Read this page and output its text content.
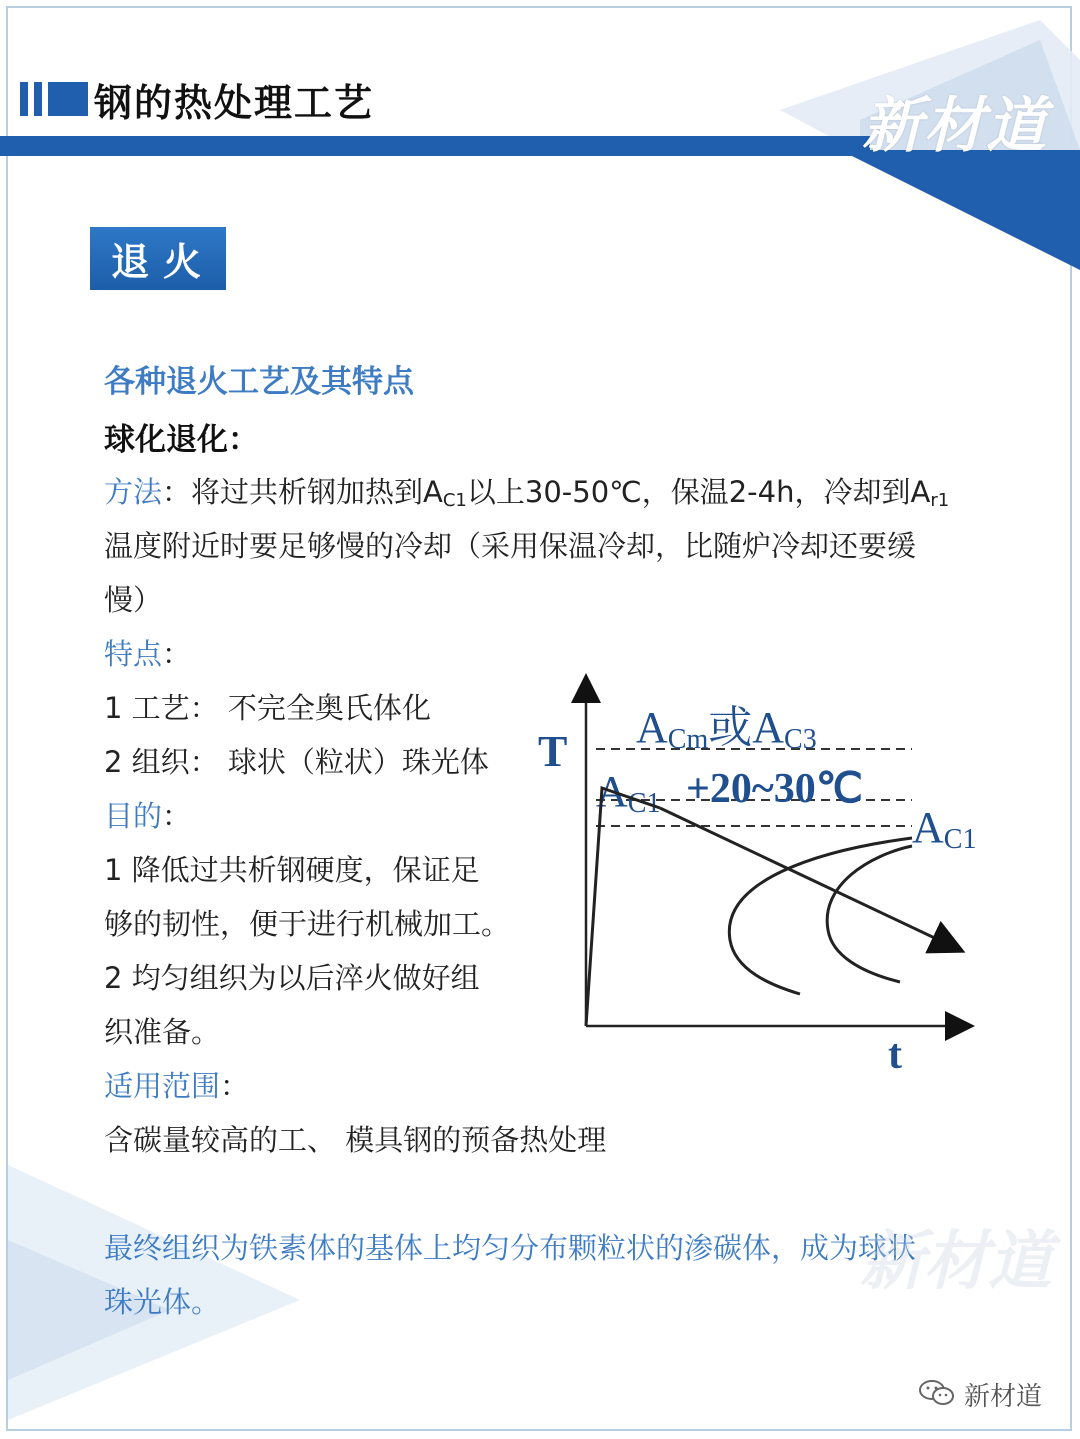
钢的热处理工艺	新材道
退火
各种退火工艺及其特点
球化退化：
方法：将过共析钢加热到$A_{C1}$以上30-50℃，保温2-4h，冷却到$A_{r1}$
温度附近时要足够慢的冷却（采用保温冷却，比随炉冷却还要缓
慢）
特点：
1 工艺： 不完全奥氏体化
2 组织： 球状（粒状）珠光体
目的：
1 降低过共析钢硬度，保证足
够的韧性，便于进行机械加工。
2 均匀组织为以后淬火做好组
织准备。
适用范围：
含碳量较高的工、 模具钢的预备热处理
最终组织为铁素体的基体上均匀分布颗粒状的渗碳体，成为球状
珠光体。
T
t
ACm或AC3
AC1 +20~30℃
AC1
新材道
新材道
